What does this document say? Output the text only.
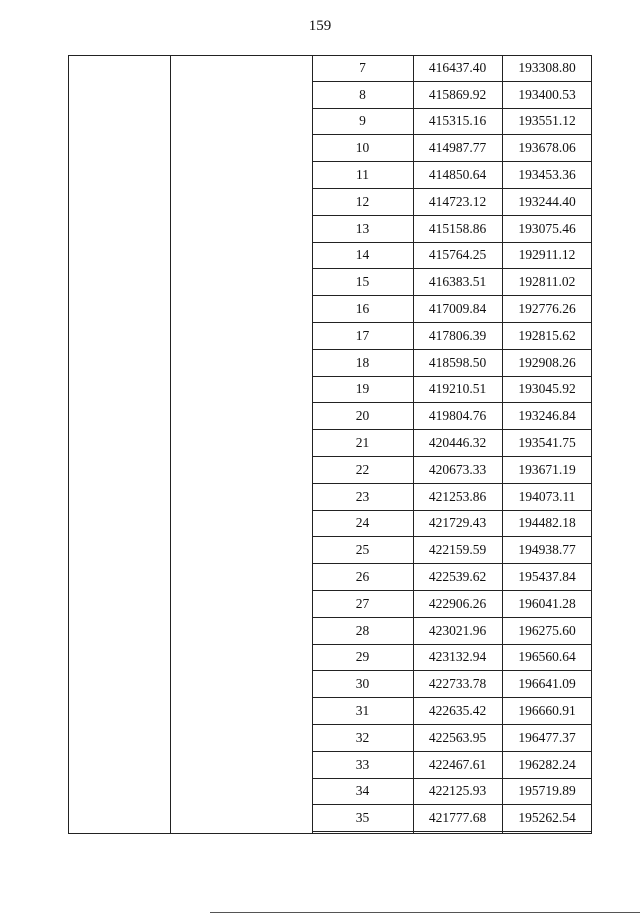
159
7	416437.40	193308.80
8	415869.92	193400.53
9	415315.16	193551.12
10	414987.77	193678.06
11	414850.64	193453.36
12	414723.12	193244.40
13	415158.86	193075.46
14	415764.25	192911.12
15	416383.51	192811.02
16	417009.84	192776.26
17	417806.39	192815.62
18	418598.50	192908.26
19	419210.51	193045.92
20	419804.76	193246.84
21	420446.32	193541.75
22	420673.33	193671.19
23	421253.86	194073.11
24	421729.43	194482.18
25	422159.59	194938.77
26	422539.62	195437.84
27	422906.26	196041.28
28	423021.96	196275.60
29	423132.94	196560.64
30	422733.78	196641.09
31	422635.42	196660.91
32	422563.95	196477.37
33	422467.61	196282.24
34	422125.93	195719.89
35	421777.68	195262.54
